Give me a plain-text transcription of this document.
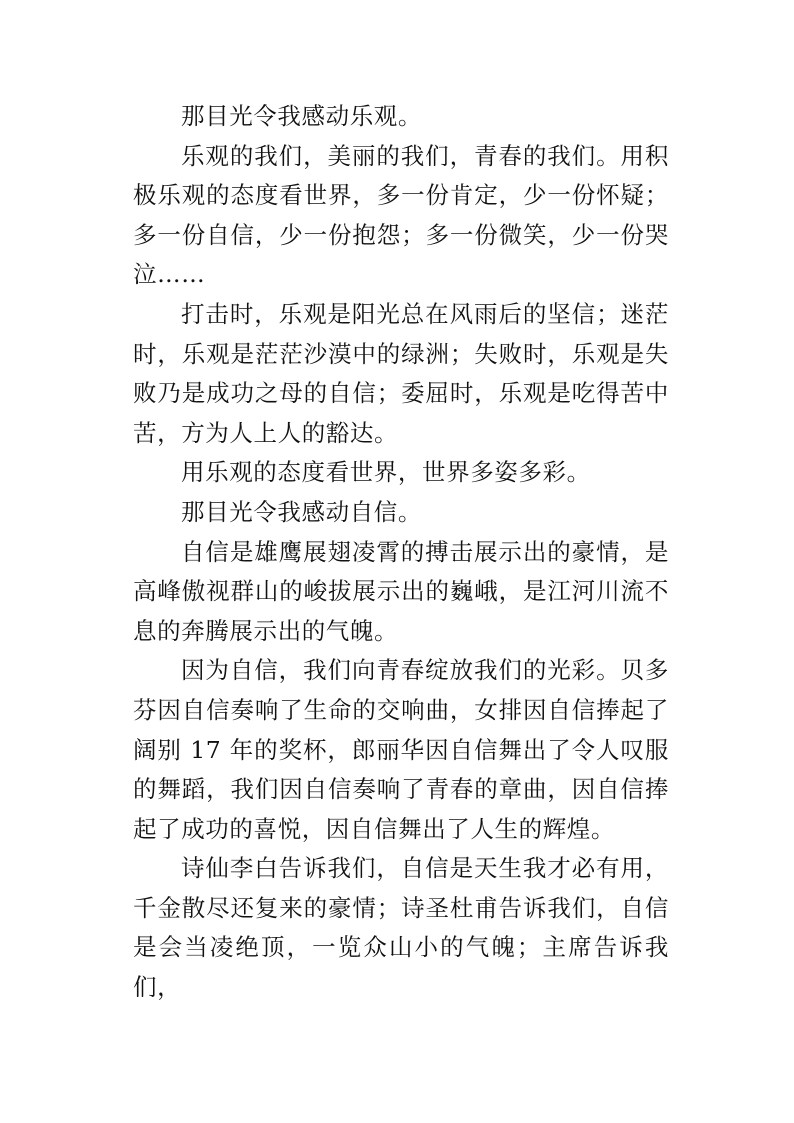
那目光令我感动乐观。

乐观的我们，美丽的我们，青春的我们。用积极乐观的态度看世界，多一份肯定，少一份怀疑；多一份自信，少一份抱怨；多一份微笑，少一份哭泣……

打击时，乐观是阳光总在风雨后的坚信；迷茫时，乐观是茫茫沙漠中的绿洲；失败时，乐观是失败乃是成功之母的自信；委屈时，乐观是吃得苦中苦，方为人上人的豁达。

用乐观的态度看世界，世界多姿多彩。

那目光令我感动自信。

自信是雄鹰展翅凌霄的搏击展示出的豪情，是高峰傲视群山的峻拔展示出的巍峨，是江河川流不息的奔腾展示出的气魄。

因为自信，我们向青春绽放我们的光彩。贝多芬因自信奏响了生命的交响曲，女排因自信捧起了阔别 17 年的奖杯，郎丽华因自信舞出了令人叹服的舞蹈，我们因自信奏响了青春的章曲，因自信捧起了成功的喜悦，因自信舞出了人生的辉煌。

诗仙李白告诉我们，自信是天生我才必有用，千金散尽还复来的豪情；诗圣杜甫告诉我们，自信是会当凌绝顶，一览众山小的气魄；主席告诉我们，
